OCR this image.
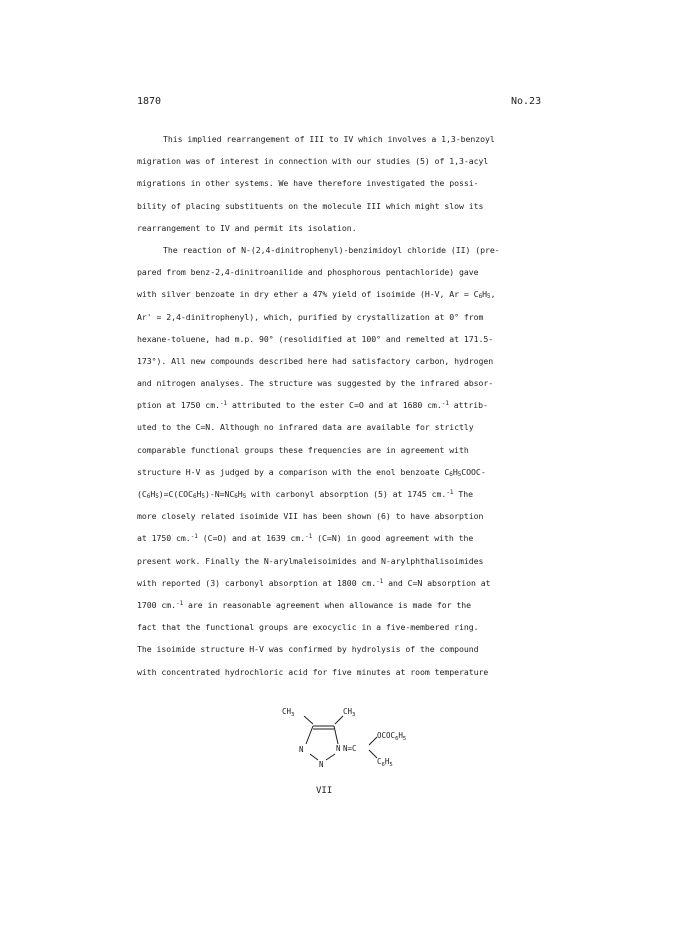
1870	No.23
This implied rearrangement of III to IV which involves a 1,3-benzoyl
migration was of interest in connection with our studies (5) of 1,3-acyl
migrations in other systems. We have therefore investigated the possi-
bility of placing substituents on the molecule III which might slow its
rearrangement to IV and permit its isolation.
The reaction of N-(2,4-dinitrophenyl)-benzimidoyl chloride (II) (pre-
pared from benz-2,4-dinitroanilide and phosphorous pentachloride) gave
with silver benzoate in dry ether a 47% yield of isoimide (H-V, $Ar = C_6H_5$,
Ar' = 2,4-dinitrophenyl), which, purified by crystallization at 0° from
hexane-toluene, had m.p. 90° (resolidified at 100° and remelted at 171.5-
173°). All new compounds described here had satisfactory carbon, hydrogen
and nitrogen analyses. The structure was suggested by the infrared absor-
ption at 1750 cm.$^{-1}$ attributed to the ester C=O and at 1680 cm.$^{-1}$ attrib-
uted to the C=N. Although no infrared data are available for strictly
comparable functional groups these frequencies are in agreement with
structure H-V as judged by a comparison with the enol benzoate $C_6H_5COOC-$
$(C_6H_5)=C(COC_6H_5)-N=NC_6H_5$ with carbonyl absorption (5) at 1745 cm.$^{-1}$ The
more closely related isoimide VII has been shown (6) to have absorption
at 1750 cm.$^{-1}$ (C=O) and at 1639 cm.$^{-1}$ (C=N) in good agreement with the
present work. Finally the N-arylmaleisoimides and N-arylphthalisoimides
with reported (3) carbonyl absorption at 1800 cm.$^{-1}$ and C=N absorption at
1700 cm.$^{-1}$ are in reasonable agreement when allowance is made for the
fact that the functional groups are exocyclic in a five-membered ring.
The isoimide structure H-V was confirmed by hydrolysis of the compound
with concentrated hydrochloric acid for five minutes at room temperature
$CH_3$	$CH_3$
N
N
N N=C
$OCOC_6H_5$
$C_6H_5$
VII
